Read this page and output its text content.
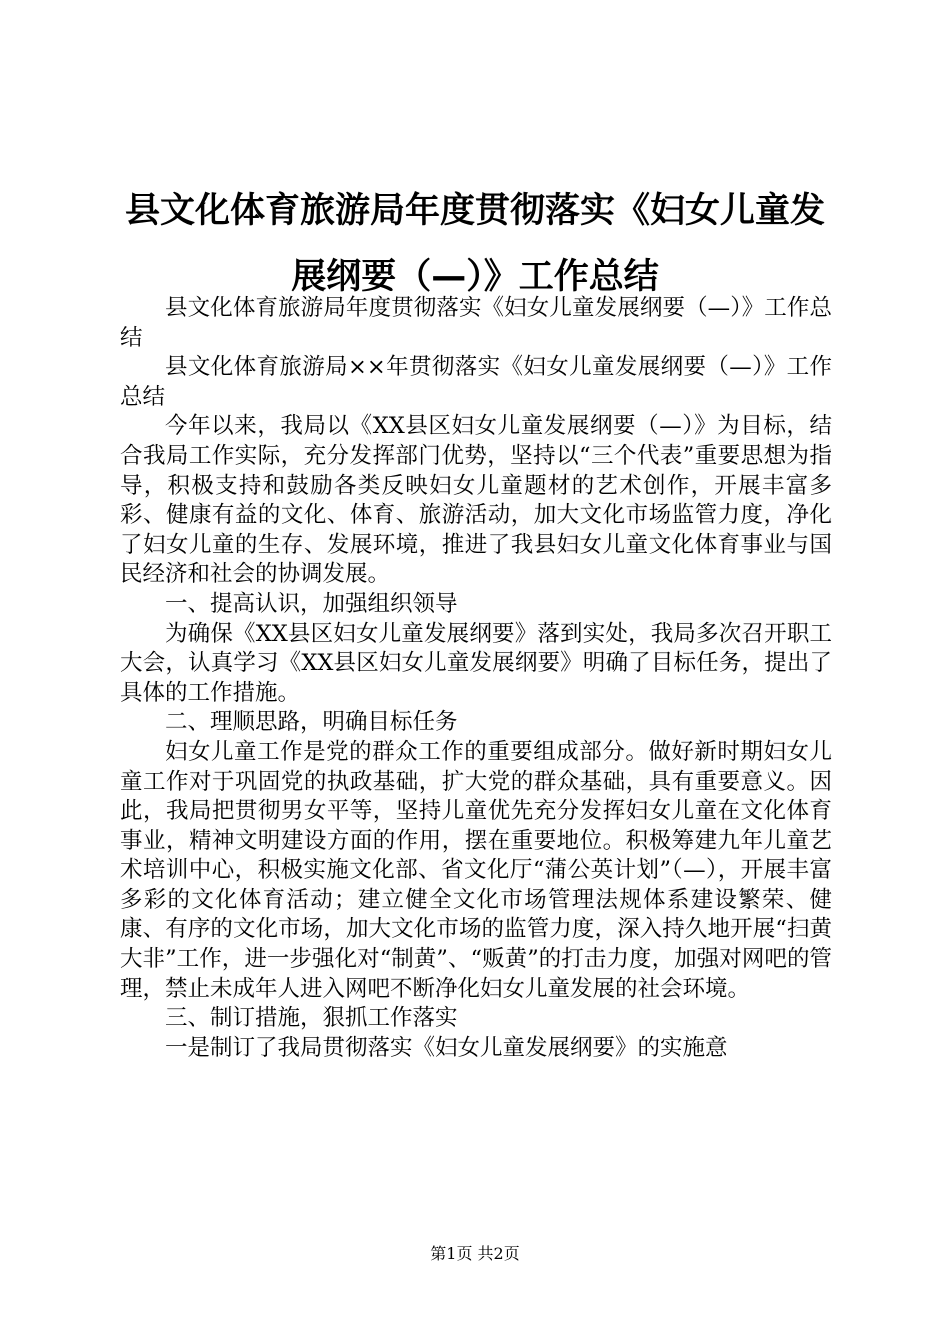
县文化体育旅游局年度贯彻落实《妇女儿童发展纲要（—）》工作总结

县文化体育旅游局年度贯彻落实《妇女儿童发展纲要（—）》工作总结

县文化体育旅游局××年贯彻落实《妇女儿童发展纲要（—）》工作总结

今年以来，我局以《XX县区妇女儿童发展纲要（—）》为目标，结合我局工作实际，充分发挥部门优势，坚持以“三个代表”重要思想为指导，积极支持和鼓励各类反映妇女儿童题材的艺术创作，开展丰富多彩、健康有益的文化、体育、旅游活动，加大文化市场监管力度，净化了妇女儿童的生存、发展环境，推进了我县妇女儿童文化体育事业与国民经济和社会的协调发展。

一、提高认识，加强组织领导

为确保《XX县区妇女儿童发展纲要》落到实处，我局多次召开职工大会，认真学习《XX县区妇女儿童发展纲要》明确了目标任务，提出了具体的工作措施。

二、理顺思路，明确目标任务

妇女儿童工作是党的群众工作的重要组成部分。做好新时期妇女儿童工作对于巩固党的执政基础，扩大党的群众基础，具有重要意义。因此，我局把贯彻男女平等，坚持儿童优先充分发挥妇女儿童在文化体育事业，精神文明建设方面的作用，摆在重要地位。积极筹建九年儿童艺术培训中心，积极实施文化部、省文化厅“蒲公英计划”（—），开展丰富多彩的文化体育活动；建立健全文化市场管理法规体系建设繁荣、健康、有序的文化市场，加大文化市场的监管力度，深入持久地开展“扫黄大非”工作，进一步强化对“制黄”、“贩黄”的打击力度，加强对网吧的管理，禁止未成年人进入网吧不断净化妇女儿童发展的社会环境。

三、制订措施，狠抓工作落实

一是制订了我局贯彻落实《妇女儿童发展纲要》的实施意

第1页 共2页
